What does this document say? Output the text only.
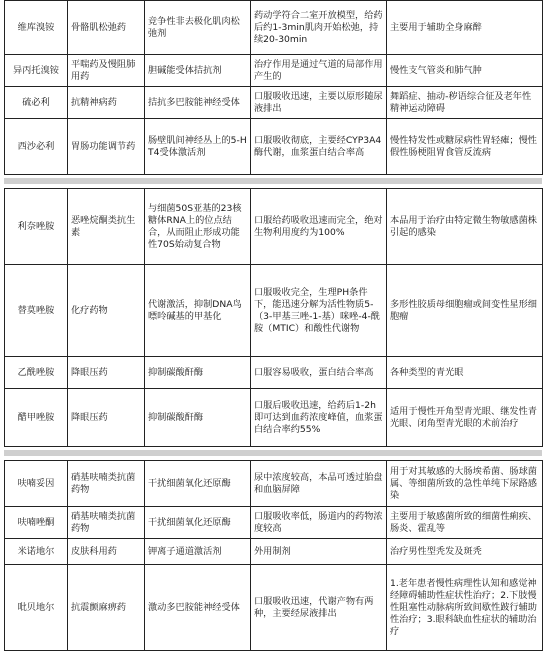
维库溴铵	骨骼肌松弛药	竞争性非去极化肌肉松弛剂	药动学符合二室开放模型，给药后约1-3min肌肉开始松弛，持续20-30min	主要用于辅助全身麻醉
异丙托溴铵	平喘药及慢阻肺用药	胆碱能受体拮抗剂	治疗作用是通过气道的局部作用产生的	慢性支气管炎和肺气肿
硫必利	抗精神病药	拮抗多巴胺能神经受体	口服吸收迅速，主要以原形随尿液排出	舞蹈症、抽动-秽语综合征及老年性精神运动障碍
西沙必利	胃肠功能调节药	肠壁肌间神经丛上的5-HT4受体激活剂	口服吸收彻底，主要经CYP3A4酶代谢，血浆蛋白结合率高	慢性特发性或糖尿病性胃轻瘫；慢性假性肠梗阻胃食管反流病
利奈唑胺	恶唑烷酮类抗生素	与细菌50S亚基的23核糖体RNA上的位点结合，从而阻止形成功能性70S始动复合物	口服给药吸收迅速而完全，绝对生物利用度约为100%	本品用于治疗由特定微生物敏感菌株引起的感染
替莫唑胺	化疗药物	代谢激活，抑制DNA鸟嘌呤碱基的甲基化	口服吸收完全，生理PH条件下，能迅速分解为活性物质5-（3-甲基三唑-1-基）咪唑-4-酰胺（MTIC）和酸性代谢物	多形性胶质母细胞瘤或间变性星形细胞瘤
乙酰唑胺	降眼压药	抑制碳酸酐酶	口服容易吸收，蛋白结合率高	各种类型的青光眼
醋甲唑胺	降眼压药	抑制碳酸酐酶	口服后吸收迅速，给药后1-2h即可达到血药浓度峰值，血浆蛋白结合率约55%	适用于慢性开角型青光眼、继发性青光眼、闭角型青光眼的术前治疗
呋喃妥因	硝基呋喃类抗菌药物	干扰细菌氧化还原酶	尿中浓度较高，本品可透过胎盘和血脑屏障	用于对其敏感的大肠埃希菌、肠球菌属、等细菌所致的急性单纯下尿路感染
呋喃唑酮	硝基呋喃类抗菌药物	干扰细菌氧化还原酶	口服吸收率低，肠道内的药物浓度较高	主要用于敏感菌所致的细菌性痢疾、肠炎、霍乱等
米诺地尔	皮肤科用药	钾离子通道激活剂	外用制剂	治疗男性型秃发及斑秃
吡贝地尔	抗震颤麻痹药	激动多巴胺能神经受体	口服吸收迅速，代谢产物有两种，主要经尿液排出	1.老年患者慢性病理性认知和感觉神经障碍辅助性症状性治疗；2.下肢慢性阻塞性动脉病所致间歇性跛行辅助性治疗；3.眼科缺血性症状的辅助治疗
